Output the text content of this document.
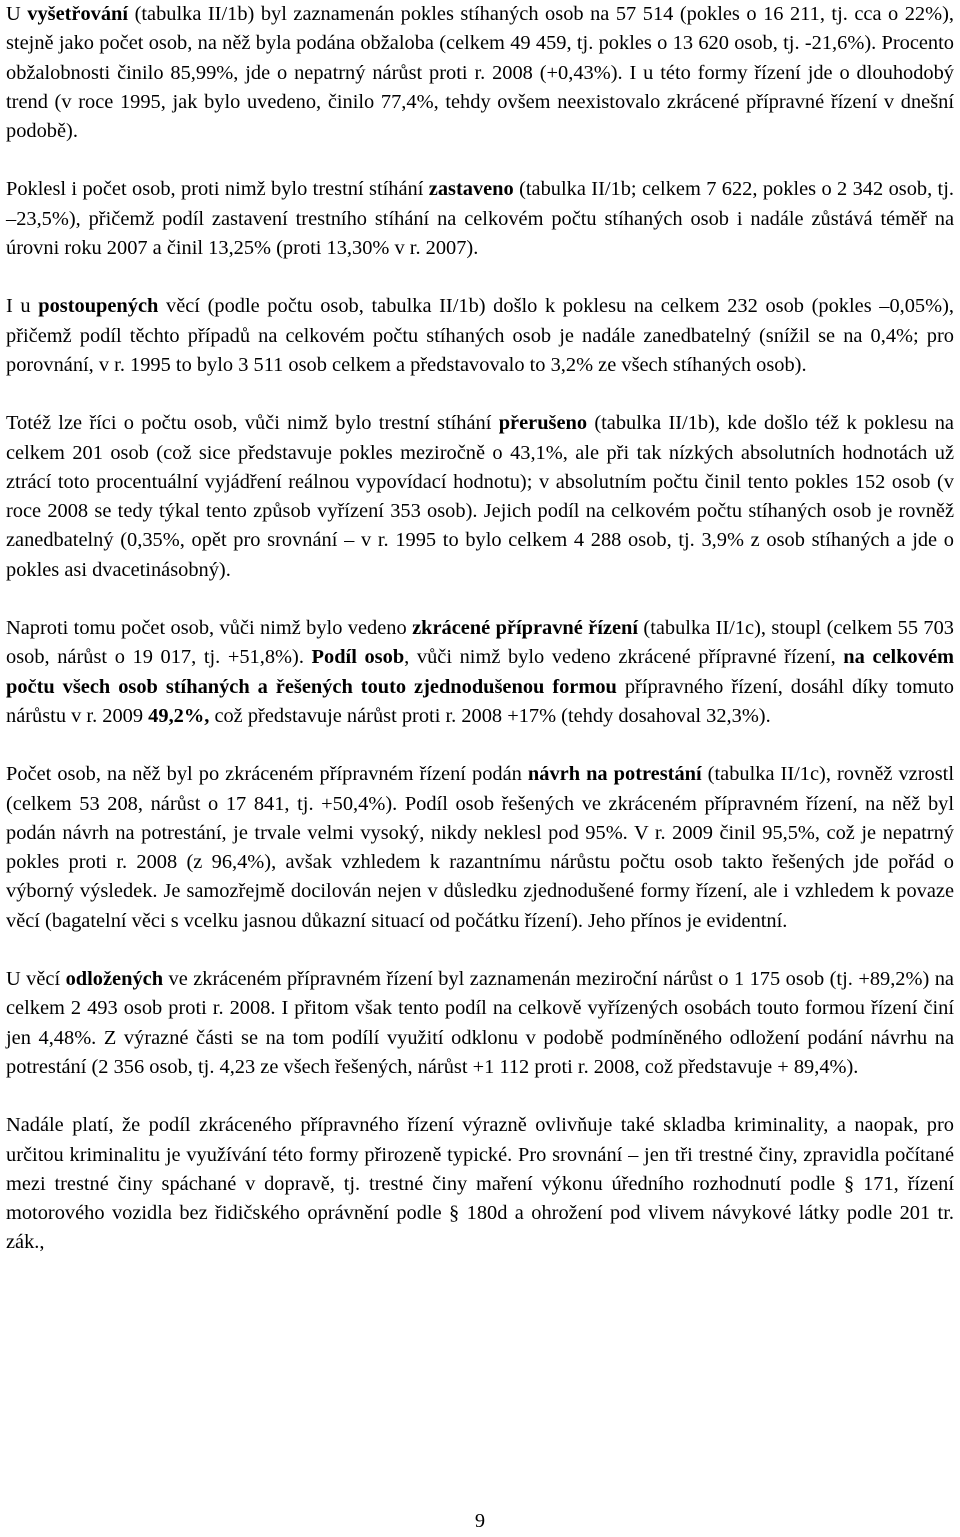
U vyšetřování (tabulka II/1b) byl zaznamenán pokles stíhaných osob na 57 514 (pokles o 16 211, tj. cca o 22%), stejně jako počet osob, na něž byla podána obžaloba (celkem 49 459, tj. pokles o 13 620 osob, tj. -21,6%). Procento obžalobnosti činilo 85,99%, jde o nepatrný nárůst proti r. 2008 (+0,43%). I u této formy řízení jde o dlouhodobý trend (v roce 1995, jak bylo uvedeno, činilo 77,4%, tehdy ovšem neexistovalo zkrácené přípravné řízení v dnešní podobě).

Poklesl i počet osob, proti nimž bylo trestní stíhání zastaveno (tabulka II/1b; celkem 7 622, pokles o 2 342 osob, tj. –23,5%), přičemž podíl zastavení trestního stíhání na celkovém počtu stíhaných osob i nadále zůstává téměř na úrovni roku 2007 a činil 13,25% (proti 13,30% v r. 2007).

I u postoupených věcí (podle počtu osob, tabulka II/1b) došlo k poklesu na celkem 232 osob (pokles –0,05%), přičemž podíl těchto případů na celkovém počtu stíhaných osob je nadále zanedbatelný (snížil se na 0,4%; pro porovnání, v r. 1995 to bylo 3 511 osob celkem a představovalo to 3,2% ze všech stíhaných osob).

Totéž lze říci o počtu osob, vůči nimž bylo trestní stíhání přerušeno (tabulka II/1b), kde došlo též k poklesu na celkem 201 osob (což sice představuje pokles meziročně o 43,1%, ale při tak nízkých absolutních hodnotách už ztrácí toto procentuální vyjádření reálnou vypovídací hodnotu); v absolutním počtu činil tento pokles 152 osob (v roce 2008 se tedy týkal tento způsob vyřízení 353 osob). Jejich podíl na celkovém počtu stíhaných osob je rovněž zanedbatelný (0,35%, opět pro srovnání – v r. 1995 to bylo celkem 4 288 osob, tj. 3,9% z osob stíhaných a jde o pokles asi dvacetinásobný).

Naproti tomu počet osob, vůči nimž bylo vedeno zkrácené přípravné řízení (tabulka II/1c), stoupl (celkem 55 703 osob, nárůst o 19 017, tj. +51,8%). Podíl osob, vůči nimž bylo vedeno zkrácené přípravné řízení, na celkovém počtu všech osob stíhaných a řešených touto zjednodušenou formou přípravného řízení, dosáhl díky tomuto nárůstu v r. 2009 49,2%, což představuje nárůst proti r. 2008 +17% (tehdy dosahoval 32,3%).

Počet osob, na něž byl po zkráceném přípravném řízení podán návrh na potrestání (tabulka II/1c), rovněž vzrostl (celkem 53 208, nárůst o 17 841, tj. +50,4%). Podíl osob řešených ve zkráceném přípravném řízení, na něž byl podán návrh na potrestání, je trvale velmi vysoký, nikdy neklesl pod 95%. V r. 2009 činil 95,5%, což je nepatrný pokles proti r. 2008 (z 96,4%), avšak vzhledem k razantnímu nárůstu počtu osob takto řešených jde pořád o výborný výsledek. Je samozřejmě docilován nejen v důsledku zjednodušené formy řízení, ale i vzhledem k povaze věcí (bagatelní věci s vcelku jasnou důkazní situací od počátku řízení). Jeho přínos je evidentní.

U věcí odložených ve zkráceném přípravném řízení byl zaznamenán meziroční nárůst o 1 175 osob (tj. +89,2%) na celkem 2 493 osob proti r. 2008. I přitom však tento podíl na celkově vyřízených osobách touto formou řízení činí jen 4,48%. Z výrazné části se na tom podílí využití odklonu v podobě podmíněného odložení podání návrhu na potrestání (2 356 osob, tj. 4,23 ze všech řešených, nárůst +1 112 proti r. 2008, což představuje + 89,4%).

Nadále platí, že podíl zkráceného přípravného řízení výrazně ovlivňuje také skladba kriminality, a naopak, pro určitou kriminalitu je využívání této formy přirozeně typické. Pro srovnání – jen tři trestné činy, zpravidla počítané mezi trestné činy spáchané v dopravě, tj. trestné činy maření výkonu úředního rozhodnutí podle § 171, řízení motorového vozidla bez řidičského oprávnění podle § 180d a ohrožení pod vlivem návykové látky podle 201 tr. zák.,

9
